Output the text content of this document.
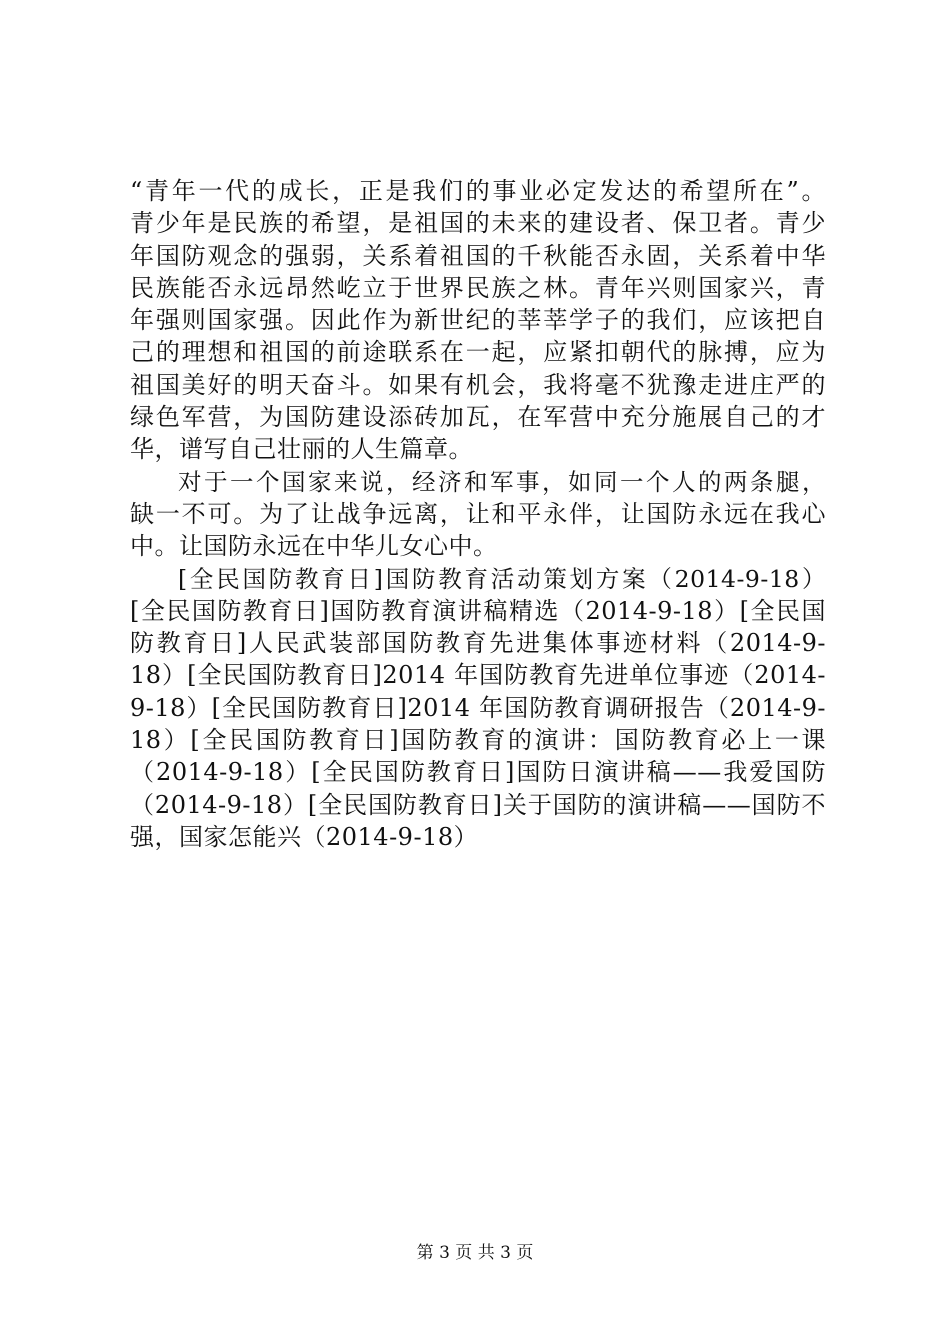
“青年一代的成长，正是我们的事业必定发达的希望所在”。
青少年是民族的希望，是祖国的未来的建设者、保卫者。青少
年国防观念的强弱，关系着祖国的千秋能否永固，关系着中华
民族能否永远昂然屹立于世界民族之林。青年兴则国家兴，青
年强则国家强。因此作为新世纪的莘莘学子的我们，应该把自
己的理想和祖国的前途联系在一起，应紧扣朝代的脉搏，应为
祖国美好的明天奋斗。如果有机会，我将毫不犹豫走进庄严的
绿色军营，为国防建设添砖加瓦，在军营中充分施展自己的才
华，谱写自己壮丽的人生篇章。
对于一个国家来说，经济和军事，如同一个人的两条腿，
缺一不可。为了让战争远离，让和平永伴，让国防永远在我心
中。让国防永远在中华儿女心中。
[全民国防教育日]国防教育活动策划方案（2014-9-18）
[全民国防教育日]国防教育演讲稿精选（2014-9-18）[全民国
防教育日]人民武装部国防教育先进集体事迹材料（2014-9-
18）[全民国防教育日]2014 年国防教育先进单位事迹（2014-
9-18）[全民国防教育日]2014 年国防教育调研报告（2014-9-
18）[全民国防教育日]国防教育的演讲：国防教育必上一课
（2014-9-18）[全民国防教育日]国防日演讲稿——我爱国防
（2014-9-18）[全民国防教育日]关于国防的演讲稿——国防不
强，国家怎能兴（2014-9-18）
第 3 页 共 3 页
